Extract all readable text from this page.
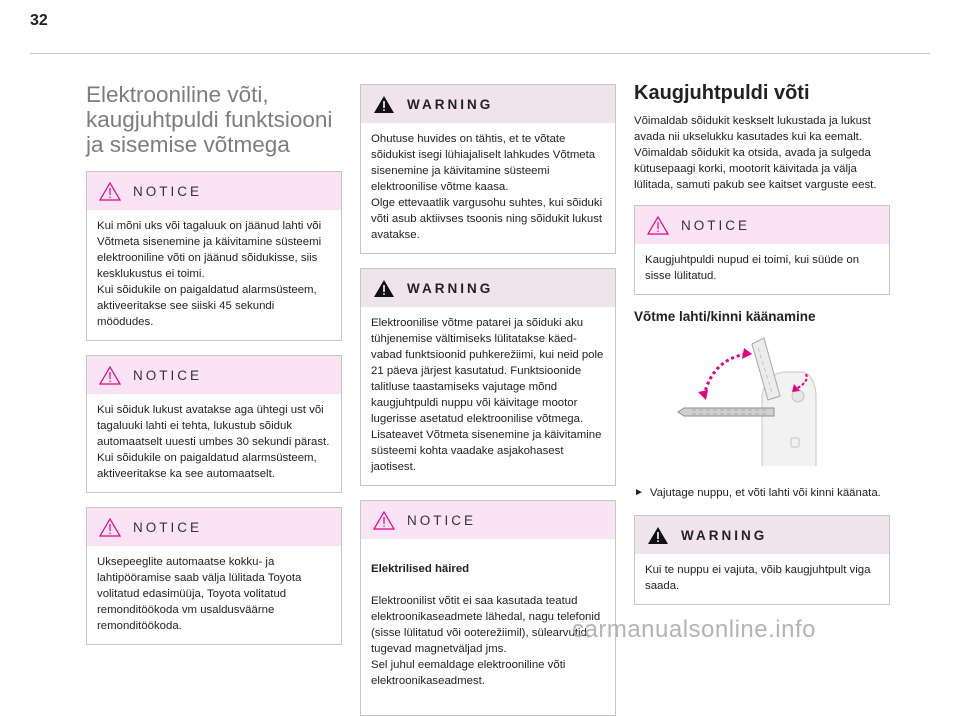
32
Elektrooniline võti, kaugjuhtpuldi funktsiooni ja sisemise võtmega
NOTICE
Kui mõni uks või tagaluuk on jäänud lahti või Võtmeta sisenemine ja käivitamine süsteemi elektrooniline võti on jäänud sõidukisse, siis kesklukustus ei toimi.
Kui sõidukile on paigaldatud alarmsüsteem, aktiveeritakse see siiski 45 sekundi möödudes.
NOTICE
Kui sõiduk lukust avatakse aga ühtegi ust või tagaluuki lahti ei tehta, lukustub sõiduk automaatselt uuesti umbes 30 sekundi pärast.
Kui sõidukile on paigaldatud alarmsüsteem, aktiveeritakse ka see automaatselt.
NOTICE
Uksepeeglite automaatse kokku- ja lahtipööramise saab välja lülitada Toyota volitatud edasimüüja, Toyota volitatud remonditöökoda vm usaldusväärne remonditöökoda.
WARNING
Ohutuse huvides on tähtis, et te võtate sõidukist isegi lühiajaliselt lahkudes Võtmeta sisenemine ja käivitamine süsteemi elektroonilise võtme kaasa.
Olge ettevaatlik vargusohu suhtes, kui sõiduki võti asub aktiivses tsoonis ning sõidukit lukust avatakse.
WARNING
Elektroonilise võtme patarei ja sõiduki aku tühjenemise vältimiseks lülitatakse käed-vabad funktsioonid puhkerežiimi, kui neid pole 21 päeva järjest kasutatud. Funktsioonide talitluse taastamiseks vajutage mõnd kaugjuhtpuldi nuppu või käivitage mootor lugerisse asetatud elektroonilise võtmega.
Lisateavet Võtmeta sisenemine ja käivitamine süsteemi kohta vaadake asjakohasest jaotisest.
NOTICE

Elektrilised häired

Elektroonilist võtit ei saa kasutada teatud elektroonikaseadmete lähedal, nagu telefonid (sisse lülitatud või ooterežiimil), sülearvutid, tugevad magnetväljad jms.
Sel juhul eemaldage elektrooniline võti elektroonikaseadmest.

Kaugjuhtpuldi võti

Võimaldab sõidukit keskselt lukustada ja lukust avada nii ukselukku kasutades kui ka eemalt.
Võimaldab sõidukit ka otsida, avada ja sulgeda kütusepaagi korki, mootorit käivitada ja välja lülitada, samuti pakub see kaitset varguste eest.

NOTICE
Kaugjuhtpuldi nupud ei toimi, kui süüde on sisse lülitatud.
Võtme lahti/kinni käänamine
► Vajutage nuppu, et võti lahti või kinni käänata.
WARNING
Kui te nuppu ei vajuta, võib kaugjuhtpult viga saada.
carmanualsonline.info
